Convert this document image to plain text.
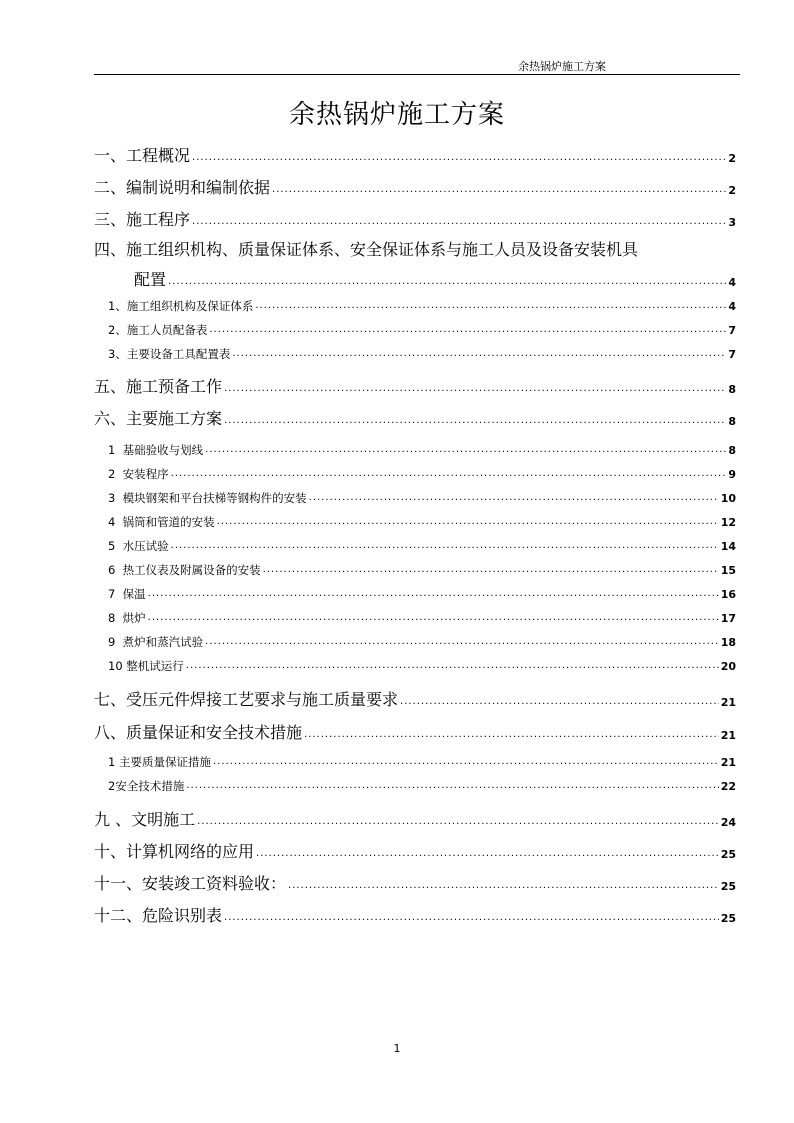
余热锅炉施工方案
余热锅炉施工方案
一、工程概况 .....	2
二、编制说明和编制依据 .....	2
三、施工程序 .....	3
四、施工组织机构、质量保证体系、安全保证体系与施工人员及设备安装机具
配置 .....	4
1、施工组织机构及保证体系 .....	4
2、施工人员配备表 .....	7
3、主要设备工具配置表 .....	7
五、施工预备工作 .....	8
六、主要施工方案 .....	8
1  基础验收与划线 .....	8
2  安装程序 .....	9
3  模块钢架和平台扶梯等钢构件的安装 .....	10
4  锅筒和管道的安装 .....	12
5  水压试验 .....	14
6  热工仪表及附属设备的安装 .....	15
7  保温 .....	16
8  烘炉 .....	17
9  煮炉和蒸汽试验 .....	18
10 整机试运行 .....	20
七、受压元件焊接工艺要求与施工质量要求 .....	21
八、质量保证和安全技术措施 .....	21
1 主要质量保证措施 .....	21
2安全技术措施 .....	22
九 、文明施工 .....	24
十、计算机网络的应用 .....	25
十一、安装竣工资料验收： .....	25
十二、危险识别表 .....	25
1
